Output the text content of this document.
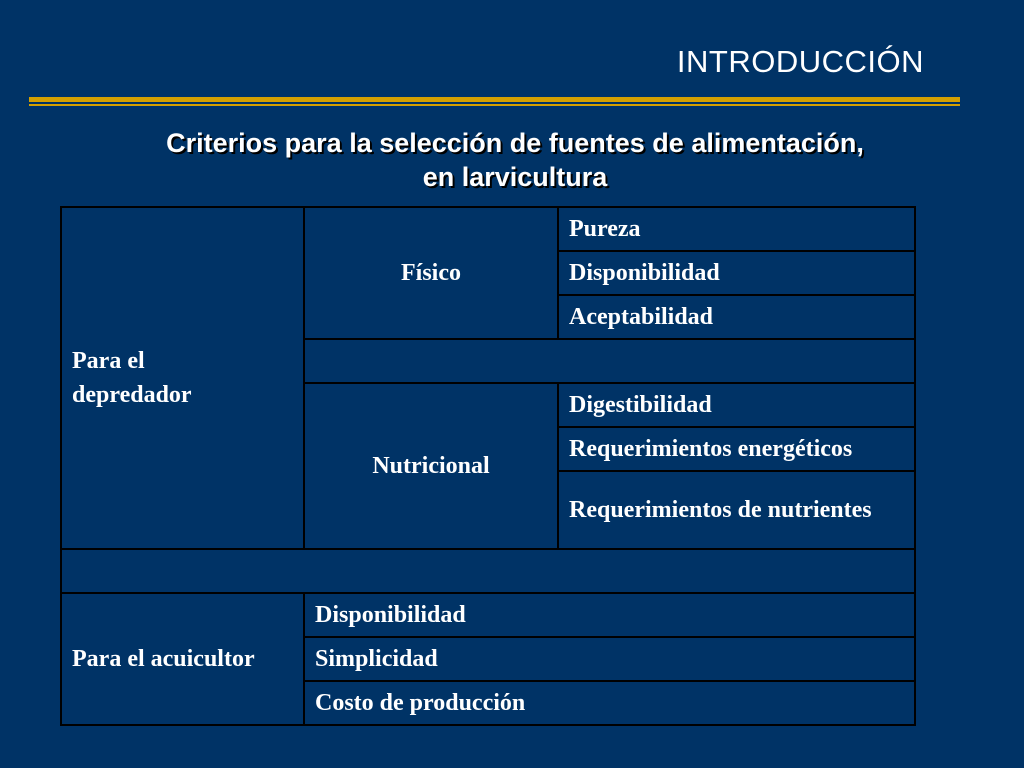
INTRODUCCIÓN
Criterios para la selección de fuentes de alimentación,
en larvicultura
Para el
depredador	Físico	Pureza
		Disponibilidad
		Aceptabilidad

	Nutricional	Digestibilidad
		Requerimientos energéticos
		Requerimientos de nutrientes

Para el acuicultor	Disponibilidad	
	Simplicidad	
	Costo de producción	
